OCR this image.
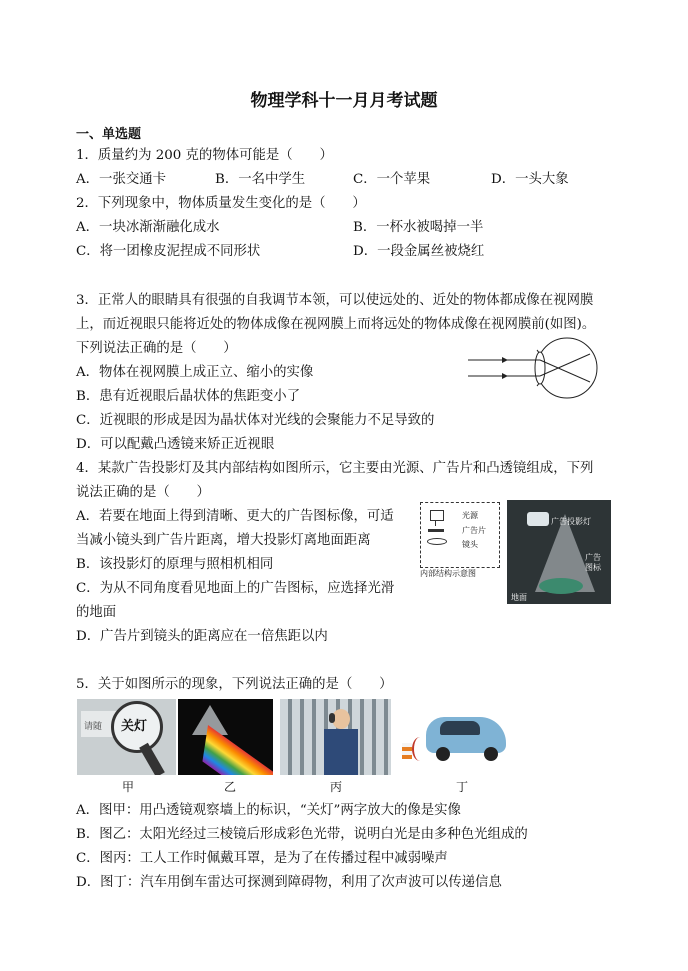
物理学科十一月月考试题
一、单选题
1．质量约为 200 克的物体可能是（　　）
A．一张交通卡	B．一名中学生	C．一个苹果	D．一头大象
2．下列现象中，物体质量发生变化的是（　　）
A．一块冰渐渐融化成水	B．一杯水被喝掉一半
C．将一团橡皮泥捏成不同形状	D．一段金属丝被烧红
3．正常人的眼睛具有很强的自我调节本领，可以使远处的、近处的物体都成像在视网膜
上，而近视眼只能将近处的物体成像在视网膜上而将远处的物体成像在视网膜前(如图)。
下列说法正确的是（　　）
A．物体在视网膜上成正立、缩小的实像
B．患有近视眼后晶状体的焦距变小了
C．近视眼的形成是因为晶状体对光线的会聚能力不足导致的
D．可以配戴凸透镜来矫正近视眼
4．某款广告投影灯及其内部结构如图所示，它主要由光源、广告片和凸透镜组成，下列
说法正确的是（　　）
A．若要在地面上得到清晰、更大的广告图标像，可适
当减小镜头到广告片距离，增大投影灯离地面距离
B．该投影灯的原理与照相机相同
C．为从不同角度看见地面上的广告图标，应选择光滑
的地面
D．广告片到镜头的距离应在一倍焦距以内
光源
广告片
镜头
内部结构示意图
广告投影灯
广告
图标
地面
5．关于如图所示的现象，下列说法正确的是（　　）
请随 关灯
甲	乙	丙	丁
A．图甲：用凸透镜观察墙上的标识，“关灯”两字放大的像是实像
B．图乙：太阳光经过三棱镜后形成彩色光带，说明白光是由多种色光组成的
C．图丙：工人工作时佩戴耳罩，是为了在传播过程中减弱噪声
D．图丁：汽车用倒车雷达可探测到障碍物，利用了次声波可以传递信息
